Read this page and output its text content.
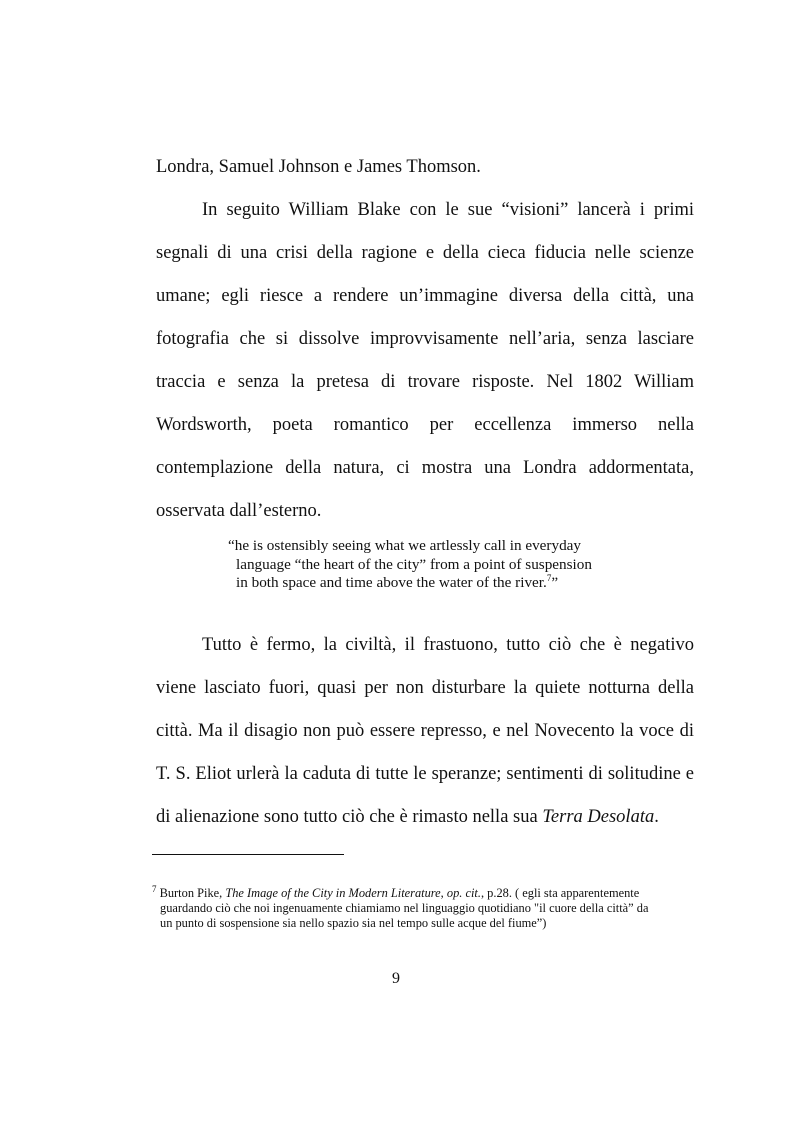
Londra, Samuel Johnson e James Thomson.
In seguito William Blake con le sue “visioni” lancerà i primi
segnali di una crisi della ragione e della cieca fiducia nelle scienze
umane; egli riesce a rendere un’immagine diversa della città, una
fotografia che si dissolve improvvisamente nell’aria, senza lasciare
traccia e senza la pretesa di trovare risposte. Nel 1802 William
Wordsworth, poeta romantico per eccellenza immerso nella
contemplazione della natura, ci mostra una Londra addormentata,
osservata dall’esterno.
“he is ostensibly seeing what we artlessly call in everyday
language “the heart of the city” from a point of suspension
in both space and time above the water of the river.$^7$”
Tutto è fermo, la civiltà, il frastuono, tutto ciò che è negativo
viene lasciato fuori, quasi per non disturbare la quiete notturna della
città. Ma il disagio non può essere represso, e nel Novecento la voce di
T. S. Eliot urlerà la caduta di tutte le speranze; sentimenti di solitudine e
di alienazione sono tutto ciò che è rimasto nella sua Terra Desolata.
$^7$ Burton Pike, The Image of the City in Modern Literature, op. cit., p.28. ( egli sta apparentemente
guardando ciò che noi ingenuamente chiamiamo nel linguaggio quotidiano "il cuore della città” da
un punto di sospensione sia nello spazio sia nel tempo sulle acque del fiume”)
9
